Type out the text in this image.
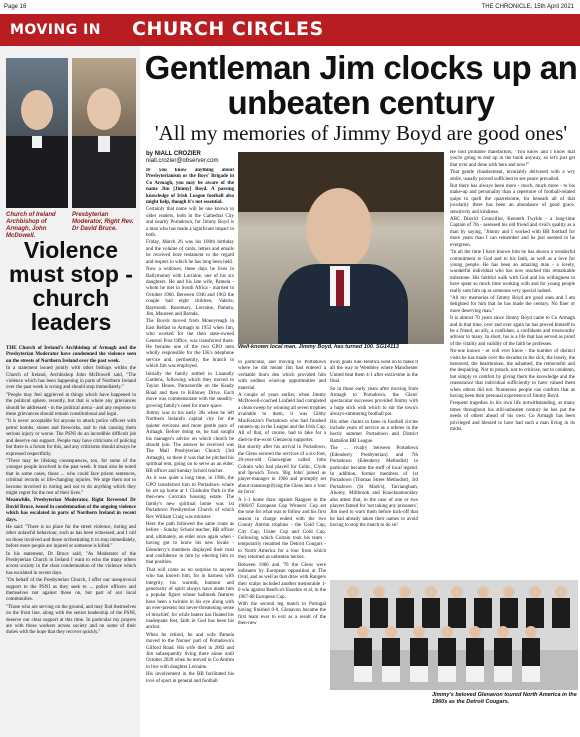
Page 16	THE CHRONICLE, 15th April 2021
MOVING IN CHURCH CIRCLES
Church of Ireland Archbishop of Armagh, John McDowell.
Presbyterian Moderator, Right Rev. Dr David Bruce.
Violence must stop - church leaders

THE Church of Ireland's Archbishop of Armagh and the Presbyterian Moderator have condemned the violence seen on the streets of Northern Ireland over the past week.

In a statement issued jointly with other bishops within the Church of Ireland, Archbishop John McDowell said, "The violence which has been happening in parts of Northern Ireland over the past week is wrong and should stop immediately."

"People may feel aggrieved at things which have happened in the political sphere, recently, but that is where any grievances should be addressed - in the political arena - and any response to these grievances should remain constitutional and legal.

"It is never acceptable for anyone to attack police officers with petrol bombs, stones and fireworks, and to risk causing them serious injury or worse. The PSNI do an incredible difficult job and deserve our support. People may have criticisms of policing but there is a forum for this, and any criticisms should always be expressed respectfully.

"There may be lifelong consequences, too, for some of the younger people involved in the past week. It must also be noted that in some cases, those ... who could face prison sentences, criminal records or life-changing injuries. We urge them not to become involved in rioting and not to do anything which they might regret for the rest of their lives."

Meanwhile, Presbyterian Moderator, Right Reverend Dr David Bruce, issued in condemnation of the ongoing violence which has escalated in parts of Northern Ireland in recent days.

He said: "There is no place for the street violence, rioting and other unlawful behaviour, such as has been witnessed, and I call on those involved and those orchestrating it to stop immediately, before more people are injured or someone is killed."

In his statement, Dr Bruce said, "As Moderator of the Presbyterian Church in Ireland I want to echo the many others across society in the clear condemnation of the violence which has escalated in recent days.

"On behalf of the Presbyterian Church, I offer our unequivocal support to the PSNI as they seek to ... police officers and themselves not against those on, but part of our local communities.

"Those who are serving on the ground, and may find themselves on the front line, along with the senior leadership of the PSNI, deserve our clear support at this time. In particular my prayers are with those workers across society and on some of their duties with the hope that they recover quickly."

Gentleman Jim clocks up an unbeaten century
'All my memories of Jimmy Boyd are good ones'
by NIALL CROZIER
niall.crozier@observer.com

IF you know anything about Presbyterianism or the Boys' Brigade in Co Armagh, you may be aware of the name Jim [Jimmy] Boyd. A passing knowledge of Irish League football also might help, though it's not essential.

Certainly that name will be one known to older readers, both in the Cathedral City and nearby Portadown, for Jimmy Boyd is a man who has made a significant impact in both.

Friday, March 26 was his 100th birthday and the volume of cards, letters and emails he received bore testament to the regard and respect in which he has long been held.

Now a widower, these days he lives in Ballymoney with Lorraine, one of his six daughters. He and his late wife, Pamela - whom he met in South Africa - married in October 1966. Between 1946 and 1963 the couple had eight children; Valerie, Raymond, Rosemary, Lorraine, Pamela, Jim, Maureen and Brenda.

The Boyds moved from Moneyreagh in East Belfast to Armagh in 1953 when Jim, who worked for the then state-owned General Post Office, was transferred there. He became one of the two GPO men wholly responsible for the UK's telephone service and, pertinently, the branch in which Jim was employed.

Initially the family settled in Lisanally Gardens, following which they moved to Taylor House, Parnaxerdle on the Keady Road and then to Killuney Drive. Each move was commensurate with the steadily-growing family's need for more space.

Jimmy was in his early 30s when he left Northern Ireland's capital city for the quieter environs and more gentle pace of Armagh. Before doing so, he had sought his manager's advice on which church he should join. The answer he received was The Mall Presbyterian Church (3rd Armagh), so there it was that he pitched his spiritual tent, going on to serve as an elder, BB officer and Sunday School teacher.

As it was quiet a long time, in 1966, the GPO transferred him to Portadown where he set up home at 1 Chisholm Park in the then-new Corcrain housing estate. The family's new spiritual home was 1st Portadown Presbyterian Church of which Rev William Craig was minister.

Here the path followed the same route as before - Sunday School teacher, BB officer and, ultimately, an elder once again when - having got to know his new locale - Edenderry's members displayed their trust and confidence in him by electing him to that position.

That will come as no surprise to anyone who has known him, for in harness with integrity, his warmth, humour and generosity of spirit always have made him a popular figure whose hallmark features have been a twinkle in his eye along with an ever-present but never-threatening sense of mischief, for while banter has floated his inadequate feet, faith in God has been his anchor.

When he retired, he and wife Pamela moved to the Nurses' part of Portadown's Gilford Road. His wife died in 2002 and Jim subsequently living there alone until October 2020 when he moved to Co Antrim to live with daughter Lorraine.

His involvement in the BB facilitated his love of sport in general and football

Well-known local man, Jimmy Boyd, has turned 100. SG14113

in particular, and moving to Portadown where he did meant Jim had entered a veritable lion's den which provided him with endless wind-up opportunities and material.

A couple of years earlier, when Jimmy McDowell-coached Linfield had completed a clean sweep by winning all seven trophies available to them, it was Gibby MacKenzie's Portadown who had finished runners-up in the League and the Irish Cup. All of that, of course, had to take for a died-in-the-wool Glenavon supporter.

But shortly after his arrival in Portadown, the Glens secured the services of a six-foot, 20-year-old Glaswegian called John Colrain who had played for Celtic, Clyde and Ipswich Town. 'Big John' joined as player-manager in 1966 and promptly set about transmogrifying the Glens into a 'tour de force'.

A 1-1 home draw against Rangers in the 1966/67 European Cup Winners' Cup set the tone for what was to follow and his first season in charge ended with the two County Antrim trophies - the Gold Cup, City Cup, Ulster Cup and Gold Cup. Following which Colrain took his team - temporarily renamed the Detroit Cougars - to North America for a tour from which they returned as unbeaten heroes.

Between 1966 and '70 the Glens were unbeaten by European opposition at The Oval, and as well as that draw with Rangers their scalps included another memorable 1-0 win against Benfica's Eusebio et al, in the 1967-68 European Cup.

With the second leg match in Portugal having finished 0-0, Glenavon became the first team ever to exit as a result of the then-new

away goals rule. Benfica went on to make it all the way to Wembley where Manchester United beat them 4-1 after extra-time in the final.

So in those early years after moving from Armagh to Portadown, the Glens' spectacular successes provided Jimmy with a huge stick with which to stir the town's always-simmering football pot.

His other claims to fame in football circles include years of service as a referee in the hectic summer Portadown and District Battalion BB League.

The ... rivalry between Portadown (Edenderry Presbyterian) and 7th Portadown (Edenderry Methodist) in particular became the stuff of local legend. In addition, former members of 1st Portadown (Thomas Street Methodist), 3rd Portadown (St Mark's), Tarriangham, Ahorey, Millbrook and Knocknamuckley also attest that, in the case of one or two players famed for 'not taking any prisoners', Jim used to warn them before kick-off that he had already taken their names to avoid having to stop the match to do so!

He told probable malefactors, "You know and I know that you're going to end up in the book anyway, so let's just get that over and done with here and now!"

That gentle chastisement, invariably delivered with a wry smile, usually proved sufficient to see peace prevailed.

But there has always been more - much, much more - to his make-up and personality than a repertoire of football-related quips to quell the quarrelsome, for beneath all of that jocularity there has been an abundance of good grace, sensitivity and kindness.

ABC District Councillor, Kenneth Twyble - a long-time Captain of 7th - assessed his old friend and rival's quality as a man by saying, "Jimmy and I worked with BB football for more years than I can remember and he just seemed to be evergreen.

"In all the time I have known him he has shown a wonderful commitment to God and to his faith, as well as a love for young people. He has been an amazing man - a lovely, wonderful individual who has now reached this remarkable milestone. His faithful walk with God and his willingness to have spent so much time working with and for young people really sum him up as someone very special indeed.

"All my memories of Jimmy Boyd are good ones and I am delighted for him that he has made the century. No finer or more deserving man."

It is almost 70 years since Jimmy Boyd came to Co Armagh and in that time, over and over again he has proved himself to be a friend, an ally, a confidant, a confidante and trustworthy advisor to many. In short, his is a life that has served as proof of the vitality and validity of the faith he professes.

No-one knows - or will ever know - the number of distinct visits he has made over the decades to the sick, the lonely, the bereaved, the heartbroken, the ashamed, the remorseful and the despairing. Not to preach, not to criticise, not to condemn, but simply to comfort by giving them the knowledge and the reassurance that individual sufficiently to have valued them when others did not. Numerous people can confirm that as having been their personal experience of Jimmy Boyd.

Frequent tragedies in his own life notwithstanding, at many times throughout his still-unbeaten century he has put the needs of others ahead of his own. Co Armagh has been privileged and blessed to have had such a man living in its midst.

Jimmy's beloved Glenavon toured North America in the 1960s as the Detroit Cougars.
